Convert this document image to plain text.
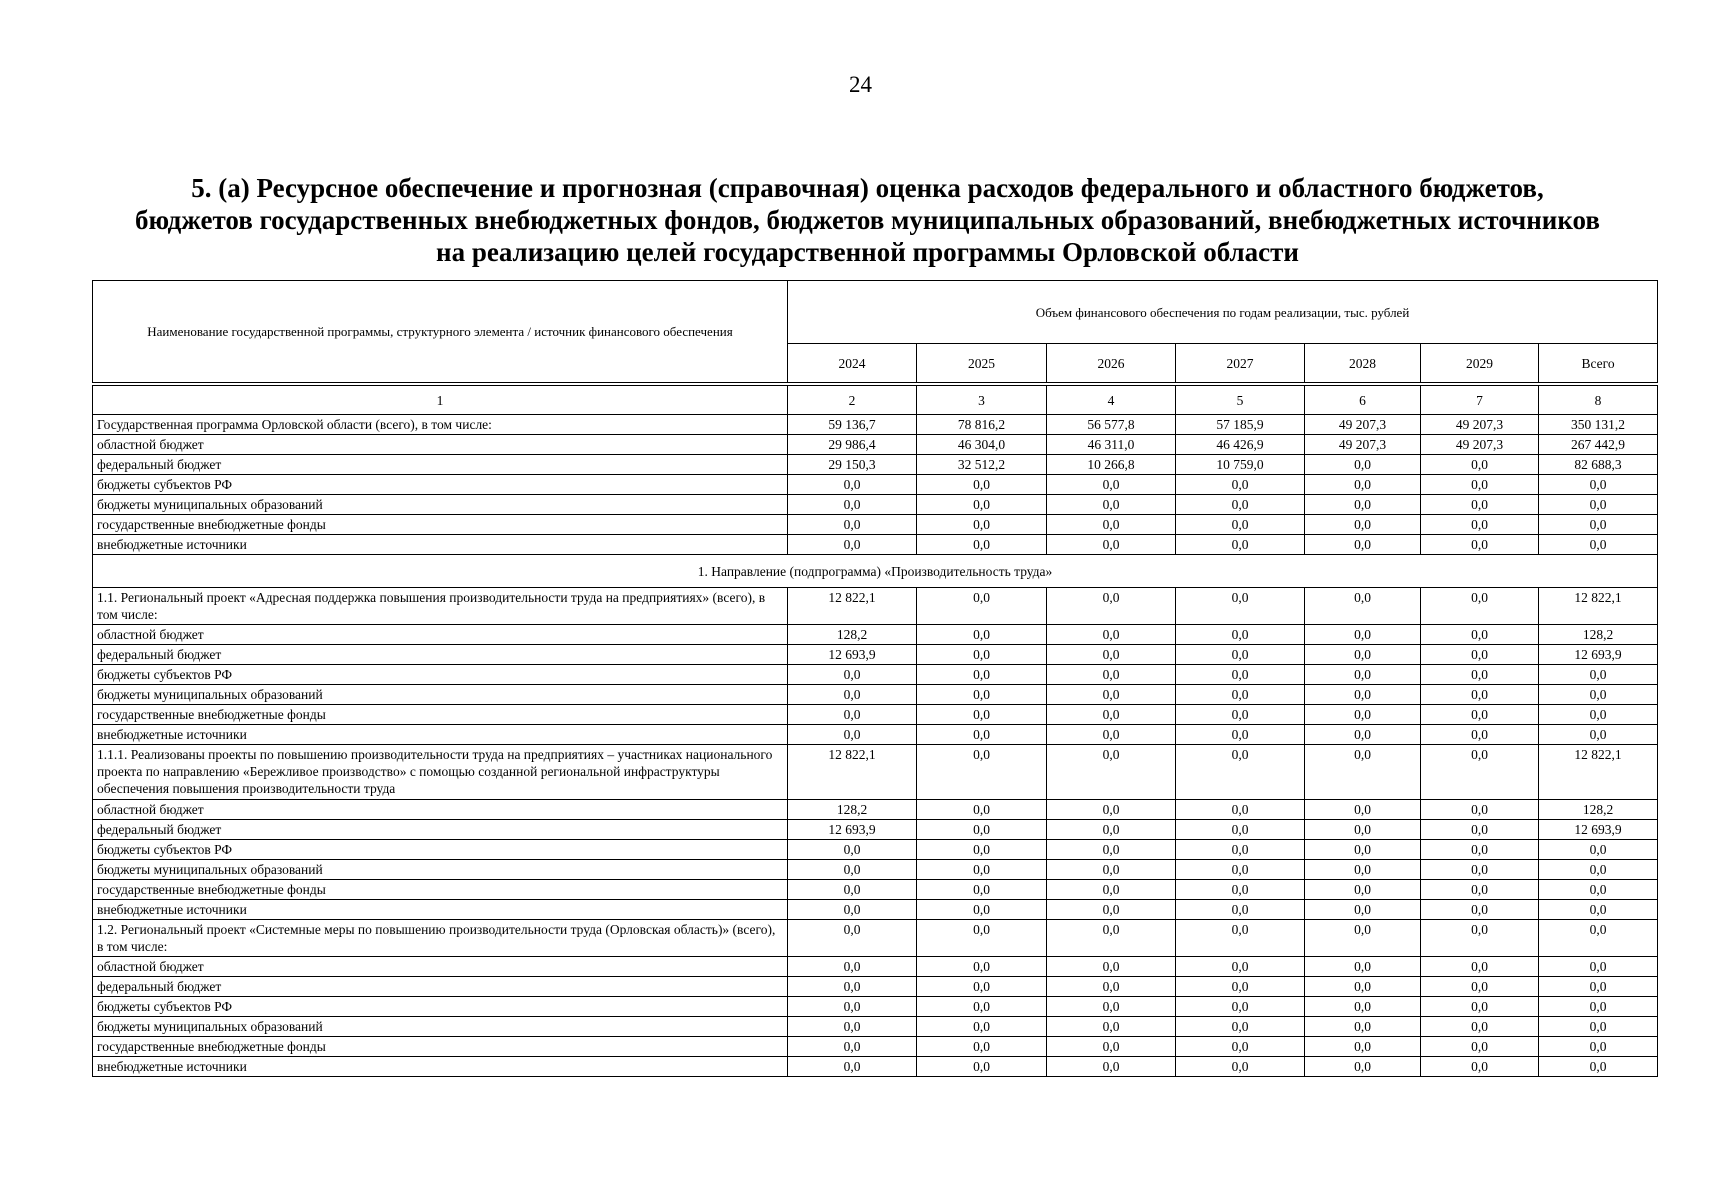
24
5. (а) Ресурсное обеспечение и прогнозная (справочная) оценка расходов федерального и областного бюджетов,
бюджетов государственных внебюджетных фондов, бюджетов муниципальных образований, внебюджетных источников
на реализацию целей государственной программы Орловской области
Наименование государственной программы, структурного элемента / источник финансового обеспечения	Объем финансового обеспечения по годам реализации, тыс. рублей						
	2024	2025	2026	2027	2028	2029	Всего
1	2	3	4	5	6	7	8
Государственная программа Орловской области (всего), в том числе:	59 136,7	78 816,2	56 577,8	57 185,9	49 207,3	49 207,3	350 131,2
областной бюджет	29 986,4	46 304,0	46 311,0	46 426,9	49 207,3	49 207,3	267 442,9
федеральный бюджет	29 150,3	32 512,2	10 266,8	10 759,0	0,0	0,0	82 688,3
бюджеты субъектов РФ	0,0	0,0	0,0	0,0	0,0	0,0	0,0
бюджеты муниципальных образований	0,0	0,0	0,0	0,0	0,0	0,0	0,0
государственные внебюджетные фонды	0,0	0,0	0,0	0,0	0,0	0,0	0,0
внебюджетные источники	0,0	0,0	0,0	0,0	0,0	0,0	0,0
1. Направление (подпрограмма) «Производительность труда»							
1.1. Региональный проект «Адресная поддержка повышения производительности труда на предприятиях» (всего), в том числе:	12 822,1	0,0	0,0	0,0	0,0	0,0	12 822,1
областной бюджет	128,2	0,0	0,0	0,0	0,0	0,0	128,2
федеральный бюджет	12 693,9	0,0	0,0	0,0	0,0	0,0	12 693,9
бюджеты субъектов РФ	0,0	0,0	0,0	0,0	0,0	0,0	0,0
бюджеты муниципальных образований	0,0	0,0	0,0	0,0	0,0	0,0	0,0
государственные внебюджетные фонды	0,0	0,0	0,0	0,0	0,0	0,0	0,0
внебюджетные источники	0,0	0,0	0,0	0,0	0,0	0,0	0,0
1.1.1. Реализованы проекты по повышению производительности труда на предприятиях – участниках национального проекта по направлению «Бережливое производство» с помощью созданной региональной инфраструктуры обеспечения повышения производительности труда	12 822,1	0,0	0,0	0,0	0,0	0,0	12 822,1
областной бюджет	128,2	0,0	0,0	0,0	0,0	0,0	128,2
федеральный бюджет	12 693,9	0,0	0,0	0,0	0,0	0,0	12 693,9
бюджеты субъектов РФ	0,0	0,0	0,0	0,0	0,0	0,0	0,0
бюджеты муниципальных образований	0,0	0,0	0,0	0,0	0,0	0,0	0,0
государственные внебюджетные фонды	0,0	0,0	0,0	0,0	0,0	0,0	0,0
внебюджетные источники	0,0	0,0	0,0	0,0	0,0	0,0	0,0
1.2. Региональный проект «Системные меры по повышению производительности труда (Орловская область)» (всего), в том числе:	0,0	0,0	0,0	0,0	0,0	0,0	0,0
областной бюджет	0,0	0,0	0,0	0,0	0,0	0,0	0,0
федеральный бюджет	0,0	0,0	0,0	0,0	0,0	0,0	0,0
бюджеты субъектов РФ	0,0	0,0	0,0	0,0	0,0	0,0	0,0
бюджеты муниципальных образований	0,0	0,0	0,0	0,0	0,0	0,0	0,0
государственные внебюджетные фонды	0,0	0,0	0,0	0,0	0,0	0,0	0,0
внебюджетные источники	0,0	0,0	0,0	0,0	0,0	0,0	0,0
